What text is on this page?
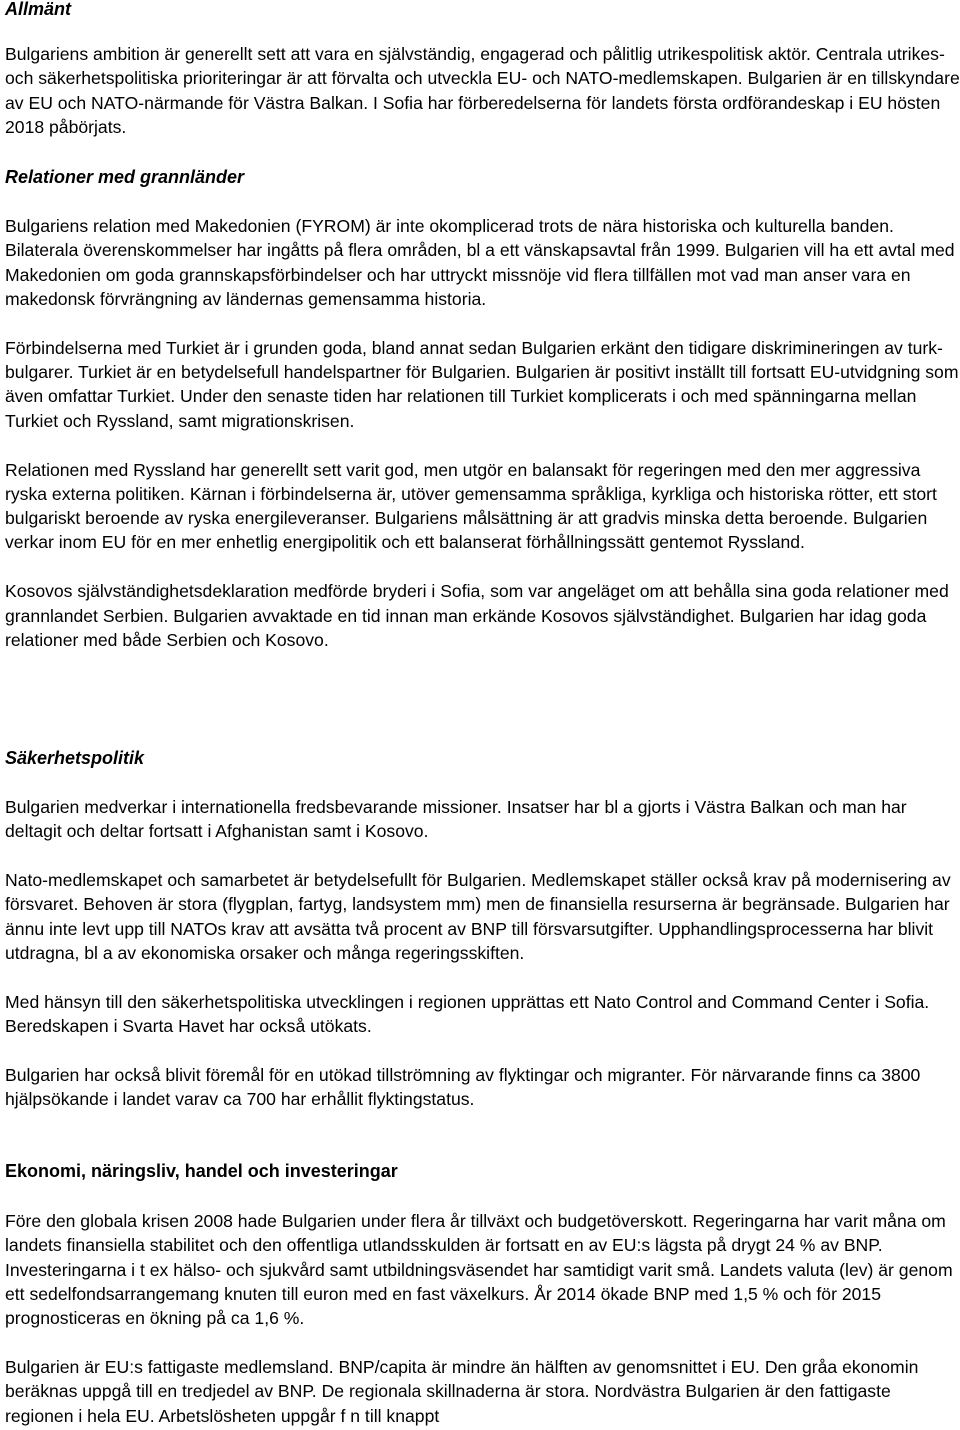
Allmänt

Bulgariens ambition är generellt sett att vara en självständig, engagerad och pålitlig utrikespolitisk aktör. Centrala utrikes- och säkerhetspolitiska prioriteringar är att förvalta och utveckla EU- och NATO-medlemskapen. Bulgarien är en tillskyndare av EU och NATO-närmande för Västra Balkan. I Sofia har förberedelserna för landets första ordförandeskap i EU hösten 2018 påbörjats.

Relationer med grannländer

Bulgariens relation med Makedonien (FYROM) är inte okomplicerad trots de nära historiska och kulturella banden. Bilaterala överenskommelser har ingåtts på flera områden, bl a ett vänskapsavtal från 1999. Bulgarien vill ha ett avtal med Makedonien om goda grannskapsförbindelser och har uttryckt missnöje vid flera tillfällen mot vad man anser vara en makedonsk förvrängning av ländernas gemensamma historia.

Förbindelserna med Turkiet är i grunden goda, bland annat sedan Bulgarien erkänt den tidigare diskrimineringen av turk-bulgarer. Turkiet är en betydelsefull handelspartner för Bulgarien. Bulgarien är positivt inställt till fortsatt EU-utvidgning som även omfattar Turkiet. Under den senaste tiden har relationen till Turkiet komplicerats i och med spänningarna mellan Turkiet och Ryssland, samt migrationskrisen.

Relationen med Ryssland har generellt sett varit god, men utgör en balansakt för regeringen med den mer aggressiva ryska externa politiken. Kärnan i förbindelserna är, utöver gemensamma språkliga, kyrkliga och historiska rötter, ett stort bulgariskt beroende av ryska energileveranser. Bulgariens målsättning är att gradvis minska detta beroende. Bulgarien verkar inom EU för en mer enhetlig energipolitik och ett balanserat förhållningssätt gentemot Ryssland.

Kosovos självständighetsdeklaration medförde bryderi i Sofia, som var angeläget om att behålla sina goda relationer med grannlandet Serbien. Bulgarien avvaktade en tid innan man erkände Kosovos självständighet. Bulgarien har idag goda relationer med både Serbien och Kosovo.

Säkerhetspolitik

Bulgarien medverkar i internationella fredsbevarande missioner. Insatser har bl a gjorts i Västra Balkan och man har deltagit och deltar fortsatt i Afghanistan samt i Kosovo.

Nato-medlemskapet och samarbetet är betydelsefullt för Bulgarien. Medlemskapet ställer också krav på modernisering av försvaret. Behoven är stora (flygplan, fartyg, landsystem mm) men de finansiella resurserna är begränsade. Bulgarien har ännu inte levt upp till NATOs krav att avsätta två procent av BNP till försvarsutgifter. Upphandlingsprocesserna har blivit utdragna, bl a av ekonomiska orsaker och många regeringsskiften.

Med hänsyn till den säkerhetspolitiska utvecklingen i regionen upprättas ett Nato Control and Command Center i Sofia. Beredskapen i Svarta Havet har också utökats.

Bulgarien har också blivit föremål för en utökad tillströmning av flyktingar och migranter. För närvarande finns ca 3800 hjälpsökande i landet varav ca 700 har erhållit flyktingstatus.

Ekonomi, näringsliv, handel och investeringar

Före den globala krisen 2008 hade Bulgarien under flera år tillväxt och budgetöverskott. Regeringarna har varit måna om landets finansiella stabilitet och den offentliga utlandsskulden är fortsatt en av EU:s lägsta på drygt 24 % av BNP. Investeringarna i t ex hälso- och sjukvård samt utbildningsväsendet har samtidigt varit små. Landets valuta (lev) är genom ett sedelfondsarrangemang knuten till euron med en fast växelkurs. År 2014 ökade BNP med 1,5 % och för 2015 prognosticeras en ökning på ca 1,6 %.

Bulgarien är EU:s fattigaste medlemsland. BNP/capita är mindre än hälften av genomsnittet i EU. Den gråa ekonomin beräknas uppgå till en tredjedel av BNP. De regionala skillnaderna är stora. Nordvästra Bulgarien är den fattigaste regionen i hela EU. Arbetslösheten uppgår f n till knappt
